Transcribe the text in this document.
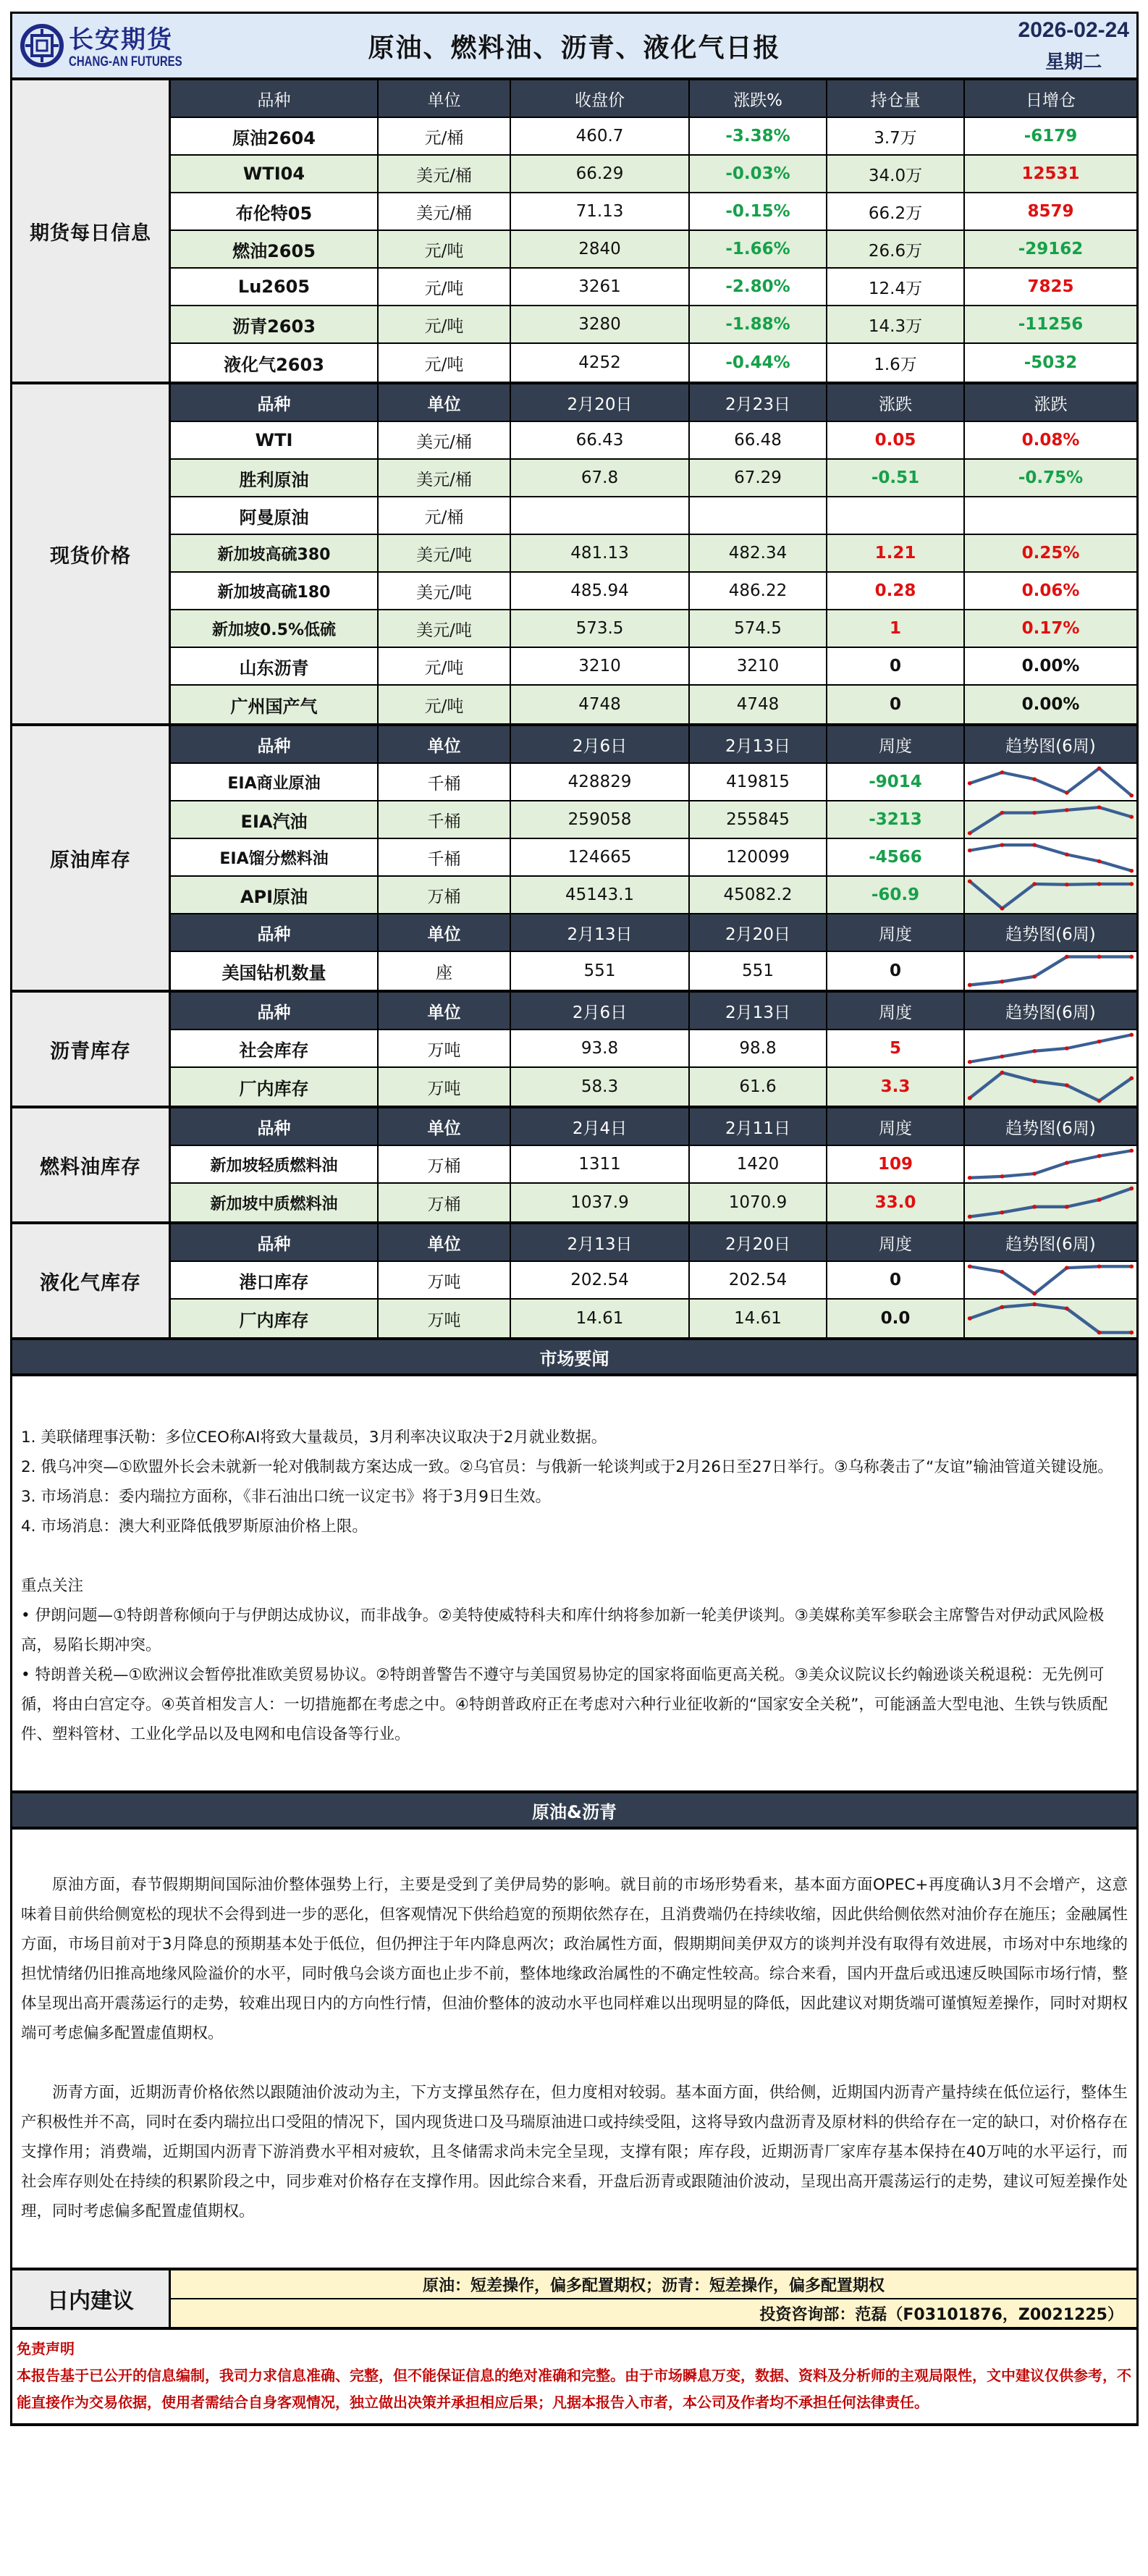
长安期货
CHANG-AN FUTURES	原油、燃料油、沥青、液化气日报
2026-02-24
星期二
期货每日信息
品种	单位	收盘价	涨跌%	持仓量	日增仓
原油2604	元/桶	460.7	-3.38%	3.7万	-6179
WTI04	美元/桶	66.29	-0.03%	34.0万	12531
布伦特05	美元/桶	71.13	-0.15%	66.2万	8579
燃油2605	元/吨	2840	-1.66%	26.6万	-29162
Lu2605	元/吨	3261	-2.80%	12.4万	7825
沥青2603	元/吨	3280	-1.88%	14.3万	-11256
液化气2603	元/吨	4252	-0.44%	1.6万	-5032
现货价格
品种	单位	2月20日	2月23日	涨跌	涨跌
WTI	美元/桶	66.43	66.48	0.05	0.08%
胜利原油	美元/桶	67.8	67.29	-0.51	-0.75%
阿曼原油	元/桶
新加坡高硫380	美元/吨	481.13	482.34	1.21	0.25%
新加坡高硫180	美元/吨	485.94	486.22	0.28	0.06%
新加坡0.5%低硫	美元/吨	573.5	574.5	1	0.17%
山东沥青	元/吨	3210	3210	0	0.00%
广州国产气	元/吨	4748	4748	0	0.00%
原油库存
品种	单位	2月6日	2月13日	周度	趋势图(6周)
EIA商业原油	千桶	428829	419815	-9014
EIA汽油	千桶	259058	255845	-3213
EIA馏分燃料油	千桶	124665	120099	-4566
API原油	万桶	45143.1	45082.2	-60.9
品种	单位	2月13日	2月20日	周度	趋势图(6周)
美国钻机数量	座	551	551	0
沥青库存
品种	单位	2月6日	2月13日	周度	趋势图(6周)
社会库存	万吨	93.8	98.8	5
厂内库存	万吨	58.3	61.6	3.3
燃料油库存
品种	单位	2月4日	2月11日	周度	趋势图(6周)
新加坡轻质燃料油	万桶	1311	1420	109
新加坡中质燃料油	万桶	1037.9	1070.9	33.0
液化气库存
品种	单位	2月13日	2月20日	周度	趋势图(6周)
港口库存	万吨	202.54	202.54	0
厂内库存	万吨	14.61	14.61	0.0
市场要闻
1. 美联储理事沃勒：多位CEO称AI将致大量裁员，3月利率决议取决于2月就业数据。
2. 俄乌冲突—①欧盟外长会未就新一轮对俄制裁方案达成一致。②乌官员：与俄新一轮谈判或于2月26日至27日举行。③乌称袭击了“友谊”输油管道关键设施。
3. 市场消息：委内瑞拉方面称，《非石油出口统一议定书》将于3月9日生效。
4. 市场消息：澳大利亚降低俄罗斯原油价格上限。
重点关注
• 伊朗问题—①特朗普称倾向于与伊朗达成协议，而非战争。②美特使威特科夫和库什纳将参加新一轮美伊谈判。③美媒称美军参联会主席警告对伊动武风险极高，易陷长期冲突。
• 特朗普关税—①欧洲议会暂停批准欧美贸易协议。②特朗普警告不遵守与美国贸易协定的国家将面临更高关税。③美众议院议长约翰逊谈关税退税：无先例可循，将由白宫定夺。④英首相发言人：一切措施都在考虑之中。④特朗普政府正在考虑对六种行业征收新的“国家安全关税”，可能涵盖大型电池、生铁与铁质配件、塑料管材、工业化学品以及电网和电信设备等行业。
原油&沥青
原油方面，春节假期期间国际油价整体强势上行，主要是受到了美伊局势的影响。就目前的市场形势看来，基本面方面OPEC+再度确认3月不会增产，这意味着目前供给侧宽松的现状不会得到进一步的恶化，但客观情况下供给趋宽的预期依然存在，且消费端仍在持续收缩，因此供给侧依然对油价存在施压；金融属性方面，市场目前对于3月降息的预期基本处于低位，但仍押注于年内降息两次；政治属性方面，假期期间美伊双方的谈判并没有取得有效进展，市场对中东地缘的担忧情绪仍旧推高地缘风险溢价的水平，同时俄乌会谈方面也止步不前，整体地缘政治属性的不确定性较高。综合来看，国内开盘后或迅速反映国际市场行情，整体呈现出高开震荡运行的走势，较难出现日内的方向性行情，但油价整体的波动水平也同样难以出现明显的降低，因此建议对期货端可谨慎短差操作，同时对期权端可考虑偏多配置虚值期权。
沥青方面，近期沥青价格依然以跟随油价波动为主，下方支撑虽然存在，但力度相对较弱。基本面方面，供给侧，近期国内沥青产量持续在低位运行，整体生产积极性并不高，同时在委内瑞拉出口受阻的情况下，国内现货进口及马瑞原油进口或持续受阻，这将导致内盘沥青及原材料的供给存在一定的缺口，对价格存在支撑作用；消费端，近期国内沥青下游消费水平相对疲软，且冬储需求尚未完全呈现，支撑有限；库存段，近期沥青厂家库存基本保持在40万吨的水平运行，而社会库存则处在持续的积累阶段之中，同步难对价格存在支撑作用。因此综合来看，开盘后沥青或跟随油价波动，呈现出高开震荡运行的走势，建议可短差操作处理，同时考虑偏多配置虚值期权。
日内建议
原油：短差操作，偏多配置期权；沥青：短差操作，偏多配置期权
投资咨询部：范磊（F03101876，Z0021225）
免责声明
本报告基于已公开的信息编制，我司力求信息准确、完整，但不能保证信息的绝对准确和完整。由于市场瞬息万变，数据、资料及分析师的主观局限性，文中建议仅供参考，不能直接作为交易依据，使用者需结合自身客观情况，独立做出决策并承担相应后果；凡据本报告入市者，本公司及作者均不承担任何法律责任。
